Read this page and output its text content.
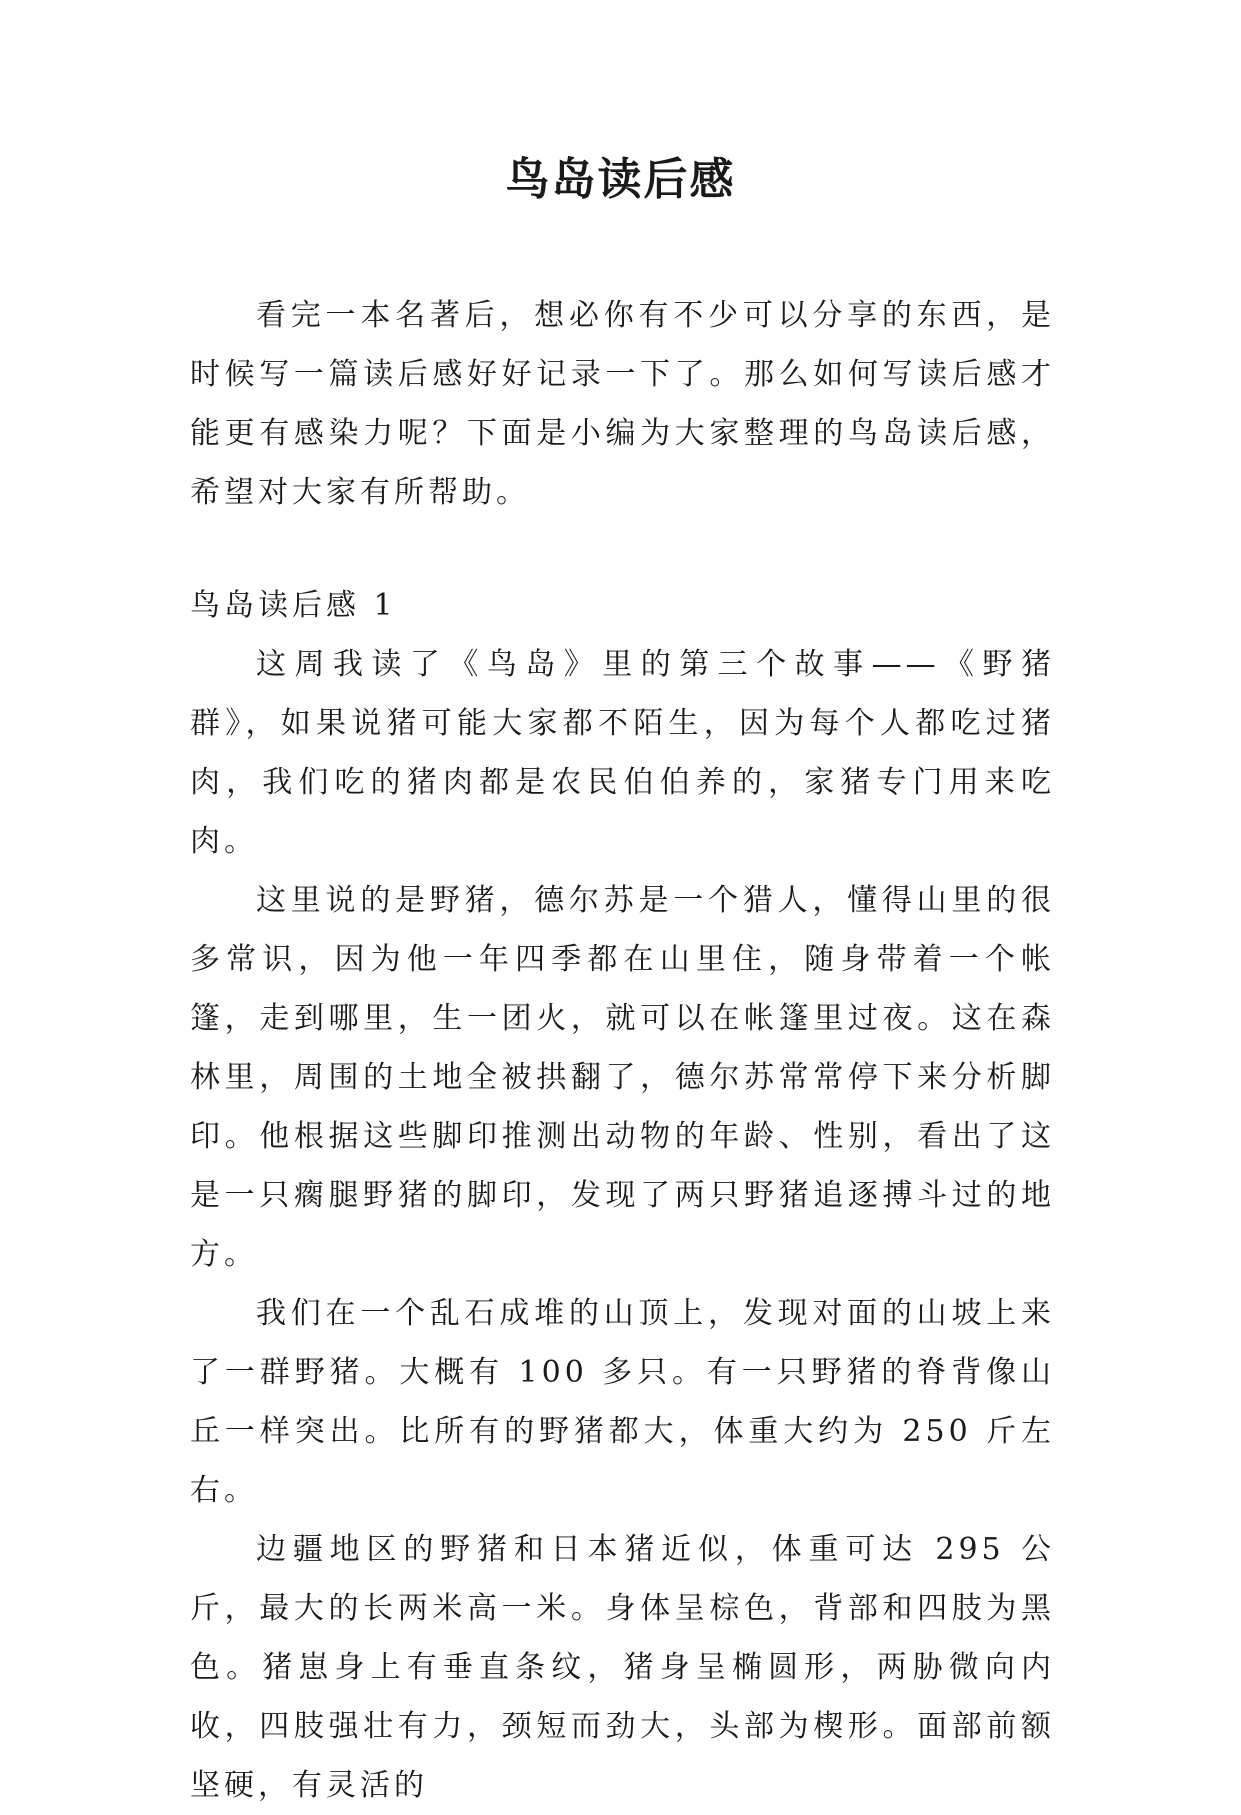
鸟岛读后感

看完一本名著后，想必你有不少可以分享的东西，是时候写一篇读后感好好记录一下了。那么如何写读后感才能更有感染力呢？下面是小编为大家整理的鸟岛读后感，希望对大家有所帮助。

鸟岛读后感 1

这周我读了《鸟岛》里的第三个故事——《野猪群》，如果说猪可能大家都不陌生，因为每个人都吃过猪肉，我们吃的猪肉都是农民伯伯养的，家猪专门用来吃肉。

这里说的是野猪，德尔苏是一个猎人，懂得山里的很多常识，因为他一年四季都在山里住，随身带着一个帐篷，走到哪里，生一团火，就可以在帐篷里过夜。这在森林里，周围的土地全被拱翻了，德尔苏常常停下来分析脚印。他根据这些脚印推测出动物的年龄、性别，看出了这是一只瘸腿野猪的脚印，发现了两只野猪追逐搏斗过的地方。

我们在一个乱石成堆的山顶上，发现对面的山坡上来了一群野猪。大概有 100 多只。有一只野猪的脊背像山丘一样突出。比所有的野猪都大，体重大约为 250 斤左右。

边疆地区的野猪和日本猪近似，体重可达 295 公斤，最大的长两米高一米。身体呈棕色，背部和四肢为黑色。猪崽身上有垂直条纹，猪身呈椭圆形，两胁微向内收，四肢强壮有力，颈短而劲大，头部为楔形。面部前额坚硬，有灵活的
